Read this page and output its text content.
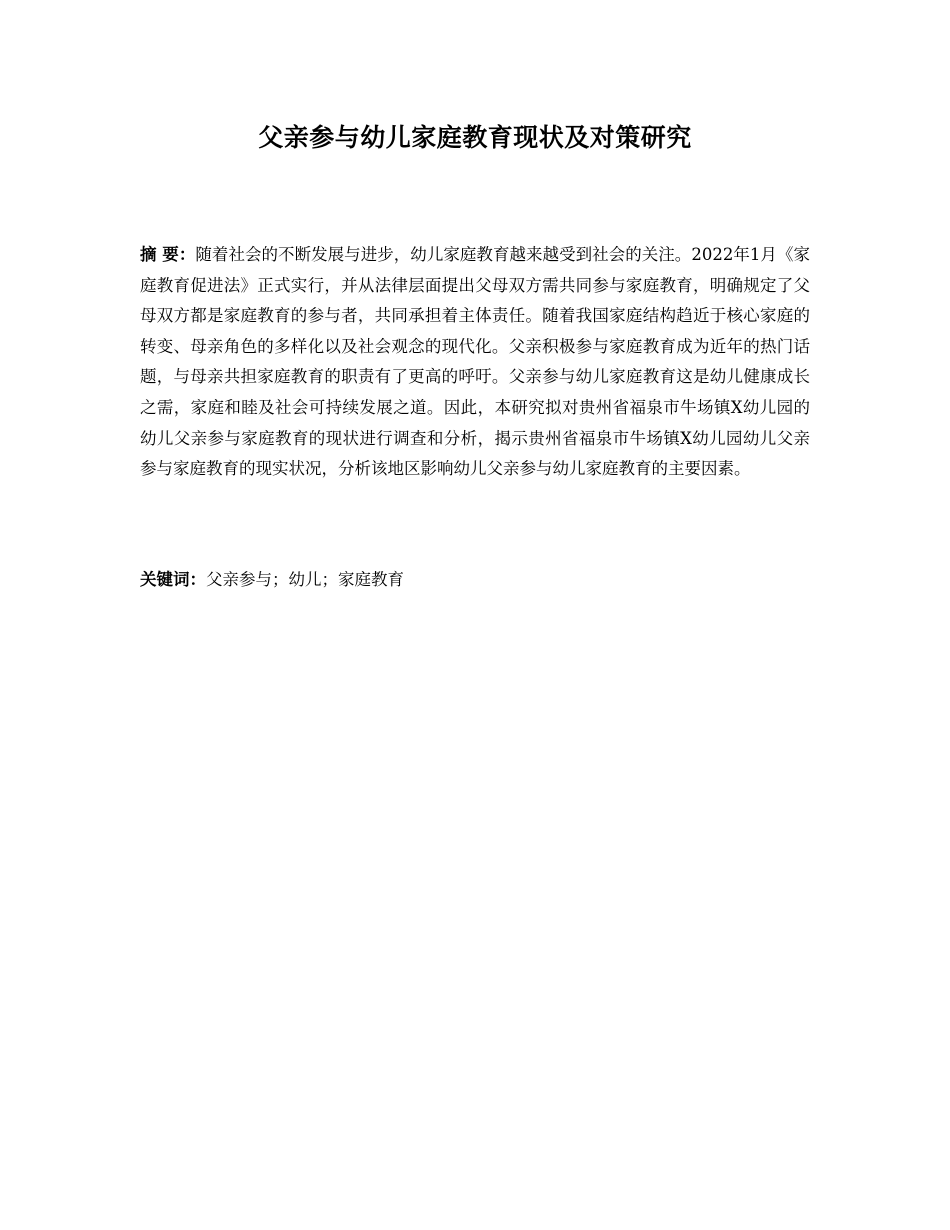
父亲参与幼儿家庭教育现状及对策研究

摘 要：随着社会的不断发展与进步，幼儿家庭教育越来越受到社会的关注。2022年1月《家庭教育促进法》正式实行，并从法律层面提出父母双方需共同参与家庭教育，明确规定了父母双方都是家庭教育的参与者，共同承担着主体责任。随着我国家庭结构趋近于核心家庭的转变、母亲角色的多样化以及社会观念的现代化。父亲积极参与家庭教育成为近年的热门话题，与母亲共担家庭教育的职责有了更高的呼吁。父亲参与幼儿家庭教育这是幼儿健康成长之需，家庭和睦及社会可持续发展之道。因此，本研究拟对贵州省福泉市牛场镇X幼儿园的幼儿父亲参与家庭教育的现状进行调查和分析，揭示贵州省福泉市牛场镇X幼儿园幼儿父亲参与家庭教育的现实状况，分析该地区影响幼儿父亲参与幼儿家庭教育的主要因素。

关键词：父亲参与；幼儿；家庭教育
